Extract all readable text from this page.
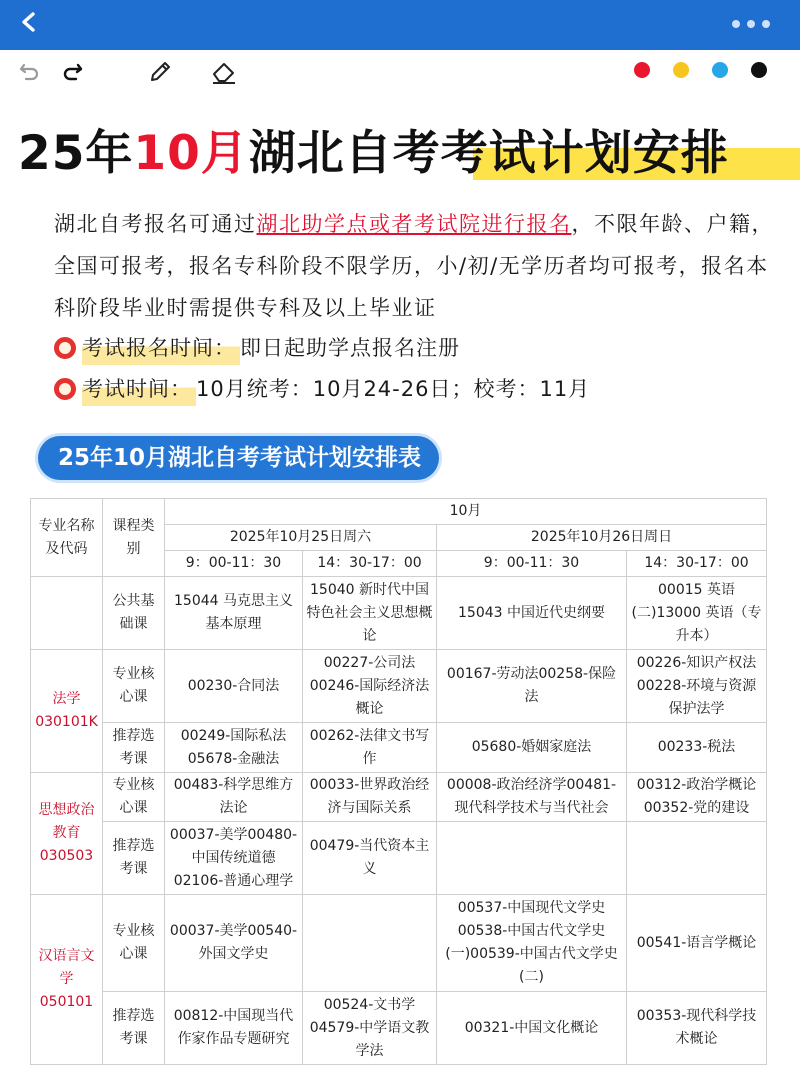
25年10月湖北自考考试计划安排
湖北自考报名可通过湖北助学点或者考试院进行报名，不限年龄、户籍，全国可报考，报名专科阶段不限学历，小/初/无学历者均可报考，报名本科阶段毕业时需提供专科及以上毕业证
考试报名时间： 即日起助学点报名注册
考试时间： 10月统考：10月24-26日；校考：11月
25年10月湖北自考考试计划安排表
专业名称及代码	课程类别	10月			
		2025年10月25日周六		2025年10月26日周日	
		9：00-11：30	14：30-17：00	9：00-11：30	14：30-17：00
	公共基础课	15044 马克思主义基本原理	15040 新时代中国特色社会主义思想概论	15043 中国近代史纲要	00015 英语(二)13000 英语（专升本）
法学030101K	专业核心课	00230-合同法	00227-公司法00246-国际经济法概论	00167-劳动法00258-保险法	00226-知识产权法00228-环境与资源保护法学
	推荐选考课	00249-国际私法05678-金融法	00262-法律文书写作	05680-婚姻家庭法	00233-税法
思想政治教育030503	专业核心课	00483-科学思维方法论	00033-世界政治经济与国际关系	00008-政治经济学00481-现代科学技术与当代社会	00312-政治学概论00352-党的建设
	推荐选考课	00037-美学00480-中国传统道德02106-普通心理学	00479-当代资本主义		
汉语言文学050101	专业核心课	00037-美学00540-外国文学史		00537-中国现代文学史00538-中国古代文学史(一)00539-中国古代文学史(二)	00541-语言学概论
	推荐选考课	00812-中国现当代作家作品专题研究	00524-文书学04579-中学语文教学法	00321-中国文化概论	00353-现代科学技术概论
